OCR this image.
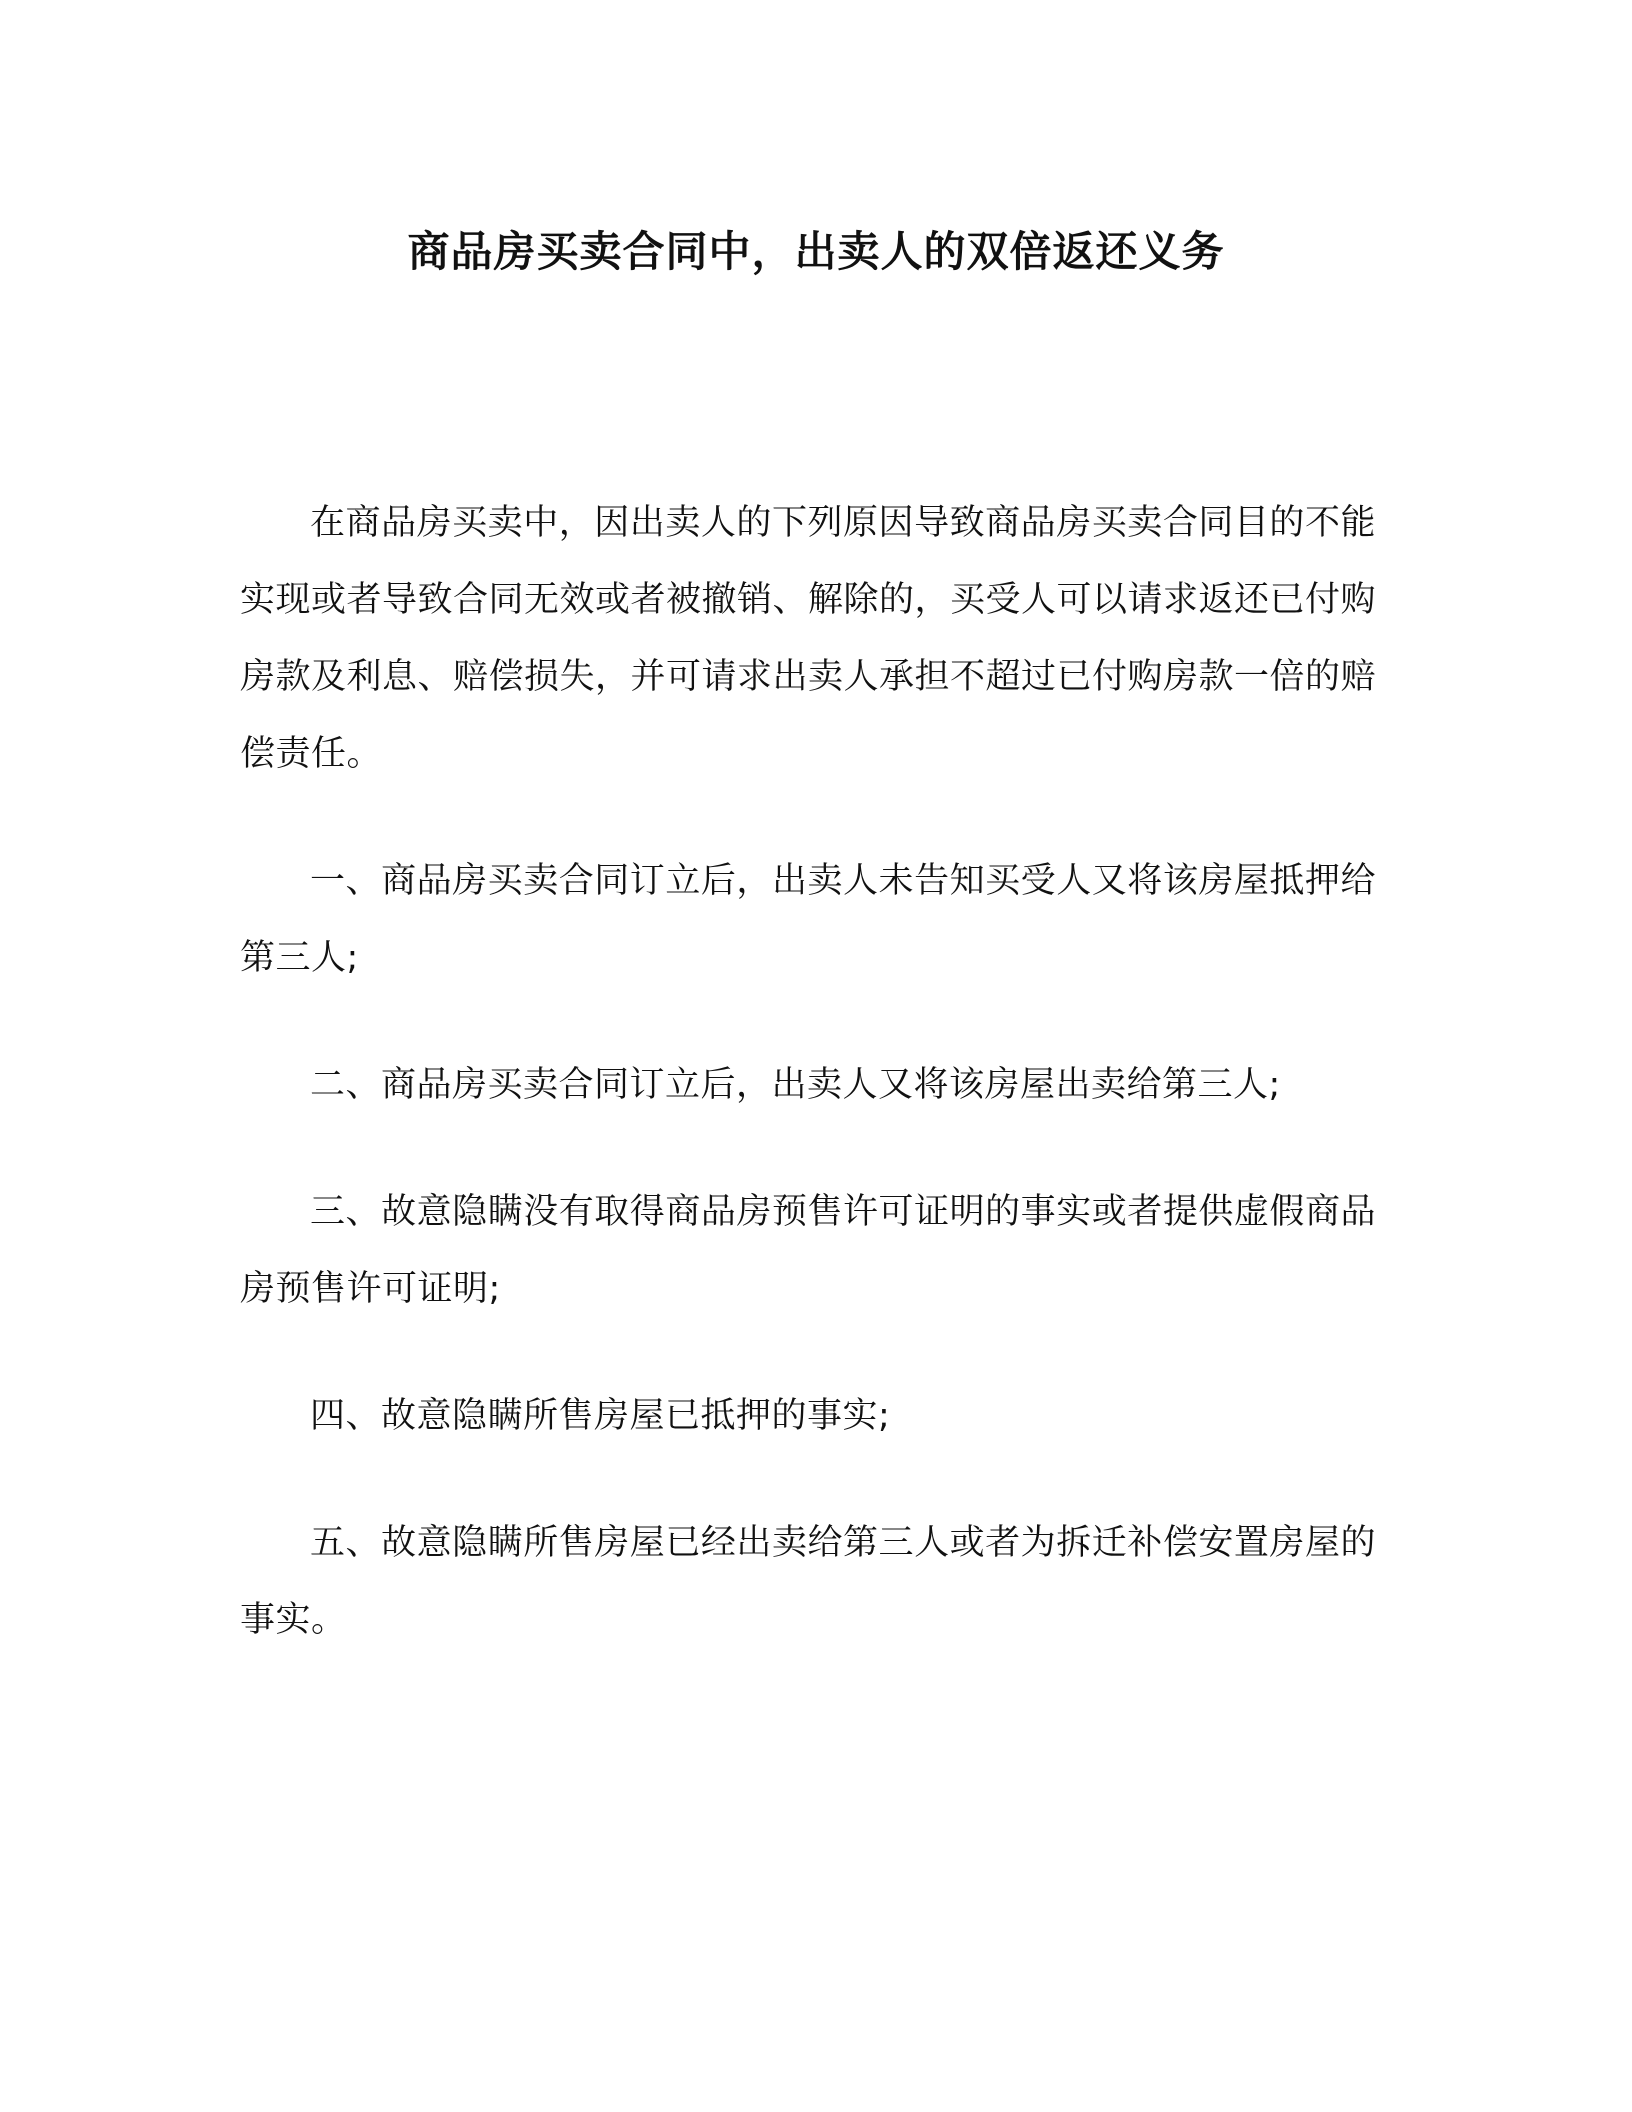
商品房买卖合同中，出卖人的双倍返还义务

在商品房买卖中，因出卖人的下列原因导致商品房买卖合同目的不能实现或者导致合同无效或者被撤销、解除的，买受人可以请求返还已付购房款及利息、赔偿损失，并可请求出卖人承担不超过已付购房款一倍的赔偿责任。

一、商品房买卖合同订立后，出卖人未告知买受人又将该房屋抵押给第三人;

二、商品房买卖合同订立后，出卖人又将该房屋出卖给第三人;

三、故意隐瞒没有取得商品房预售许可证明的事实或者提供虚假商品房预售许可证明;

四、故意隐瞒所售房屋已抵押的事实;

五、故意隐瞒所售房屋已经出卖给第三人或者为拆迁补偿安置房屋的事实。
